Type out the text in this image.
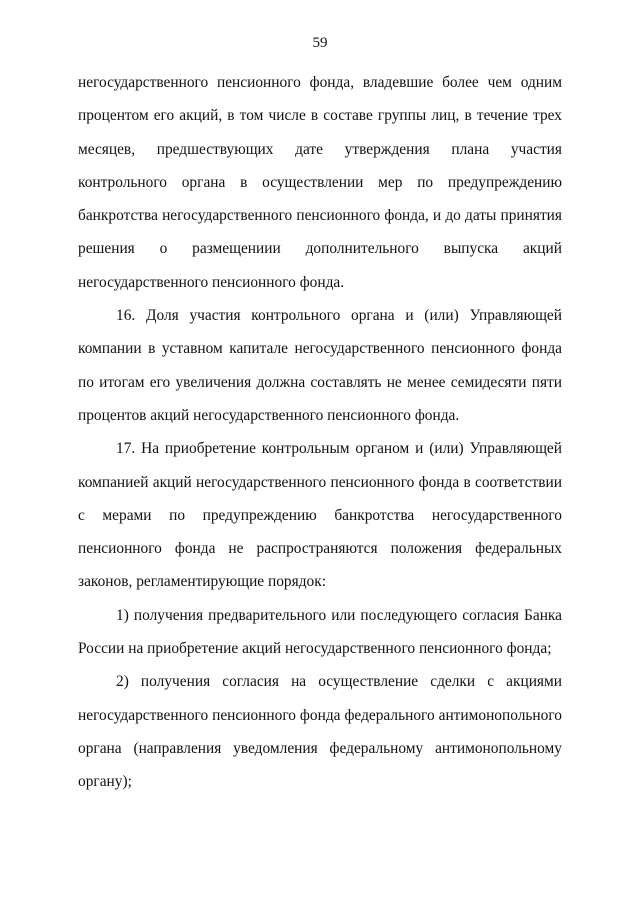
59

негосударственного пенсионного фонда, владевшие более чем одним процентом его акций, в том числе в составе группы лиц, в течение трех месяцев, предшествующих дате утверждения плана участия контрольного органа в осуществлении мер по предупреждению банкротства негосударственного пенсионного фонда, и до даты принятия решения о размещениии дополнительного выпуска акций негосударственного пенсионного фонда.

16. Доля участия контрольного органа и (или) Управляющей компании в уставном капитале негосударственного пенсионного фонда по итогам его увеличения должна составлять не менее семидесяти пяти процентов акций негосударственного пенсионного фонда.

17. На приобретение контрольным органом и (или) Управляющей компанией акций негосударственного пенсионного фонда в соответствии с мерами по предупреждению банкротства негосударственного пенсионного фонда не распространяются положения федеральных законов, регламентирующие порядок:

1) получения предварительного или последующего согласия Банка России на приобретение акций негосударственного пенсионного фонда;

2) получения согласия на осуществление сделки с акциями негосударственного пенсионного фонда федерального антимонопольного органа (направления уведомления федеральному антимонопольному органу);
